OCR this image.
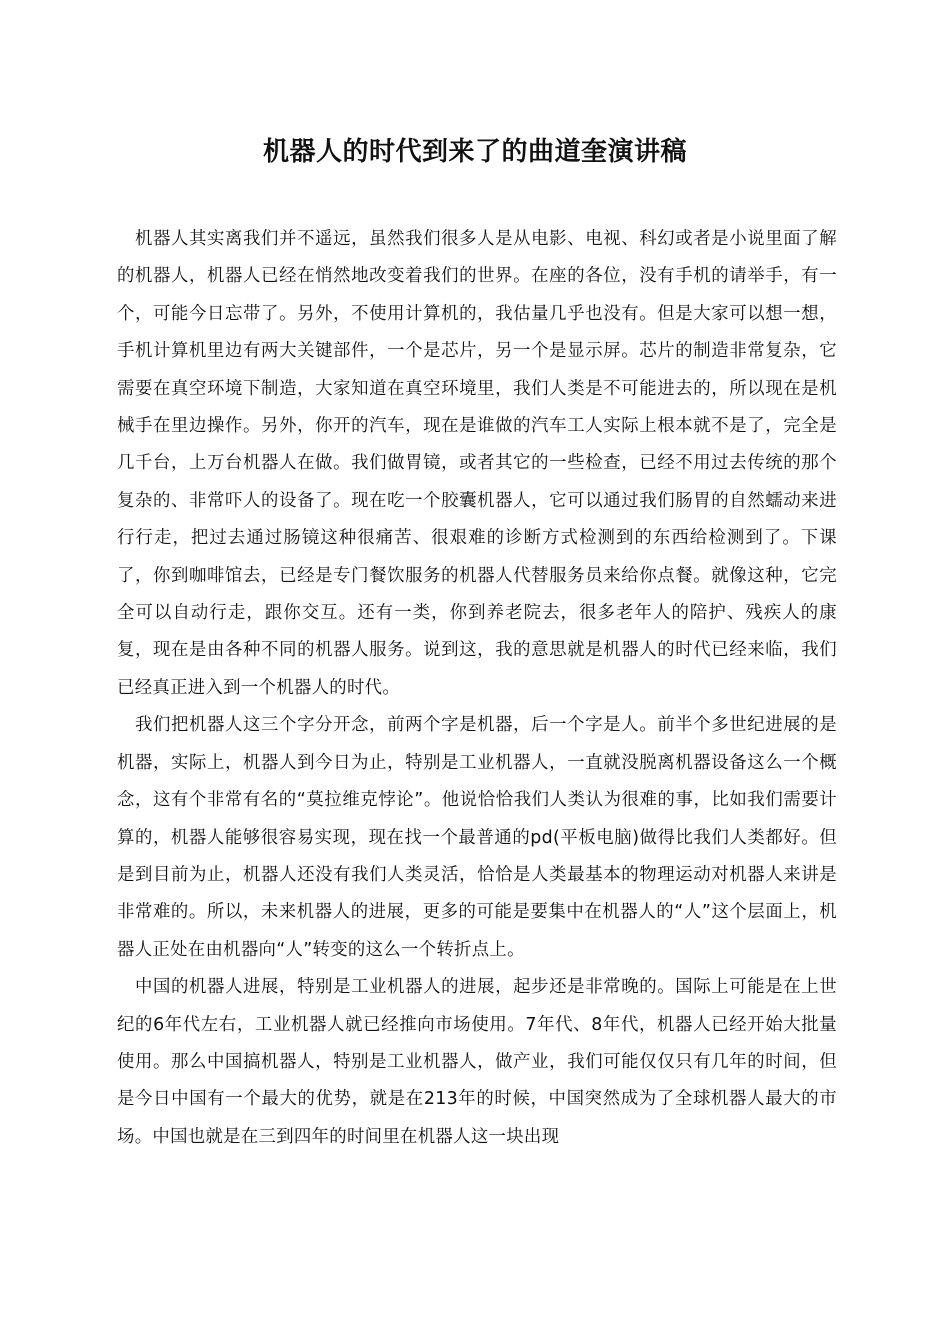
机器人的时代到来了的曲道奎演讲稿

机器人其实离我们并不遥远，虽然我们很多人是从电影、电视、科幻或者是小说里面了解的机器人，机器人已经在悄然地改变着我们的世界。在座的各位，没有手机的请举手，有一个，可能今日忘带了。另外，不使用计算机的，我估量几乎也没有。但是大家可以想一想，手机计算机里边有两大关键部件，一个是芯片，另一个是显示屏。芯片的制造非常复杂，它需要在真空环境下制造，大家知道在真空环境里，我们人类是不可能进去的，所以现在是机械手在里边操作。另外，你开的汽车，现在是谁做的汽车工人实际上根本就不是了，完全是几千台，上万台机器人在做。我们做胃镜，或者其它的一些检查，已经不用过去传统的那个复杂的、非常吓人的设备了。现在吃一个胶囊机器人，它可以通过我们肠胃的自然蠕动来进行行走，把过去通过肠镜这种很痛苦、很艰难的诊断方式检测到的东西给检测到了。下课了，你到咖啡馆去，已经是专门餐饮服务的机器人代替服务员来给你点餐。就像这种，它完全可以自动行走，跟你交互。还有一类，你到养老院去，很多老年人的陪护、残疾人的康复，现在是由各种不同的机器人服务。说到这，我的意思就是机器人的时代已经来临，我们已经真正进入到一个机器人的时代。

我们把机器人这三个字分开念，前两个字是机器，后一个字是人。前半个多世纪进展的是机器，实际上，机器人到今日为止，特别是工业机器人，一直就没脱离机器设备这么一个概念，这有个非常有名的“莫拉维克悖论”。他说恰恰我们人类认为很难的事，比如我们需要计算的，机器人能够很容易实现，现在找一个最普通的pd(平板电脑)做得比我们人类都好。但是到目前为止，机器人还没有我们人类灵活，恰恰是人类最基本的物理运动对机器人来讲是非常难的。所以，未来机器人的进展，更多的可能是要集中在机器人的“人”这个层面上，机器人正处在由机器向“人”转变的这么一个转折点上。

中国的机器人进展，特别是工业机器人的进展，起步还是非常晚的。国际上可能是在上世纪的6年代左右，工业机器人就已经推向市场使用。7年代、8年代，机器人已经开始大批量使用。那么中国搞机器人，特别是工业机器人，做产业，我们可能仅仅只有几年的时间，但是今日中国有一个最大的优势，就是在213年的时候，中国突然成为了全球机器人最大的市场。中国也就是在三到四年的时间里在机器人这一块出现
